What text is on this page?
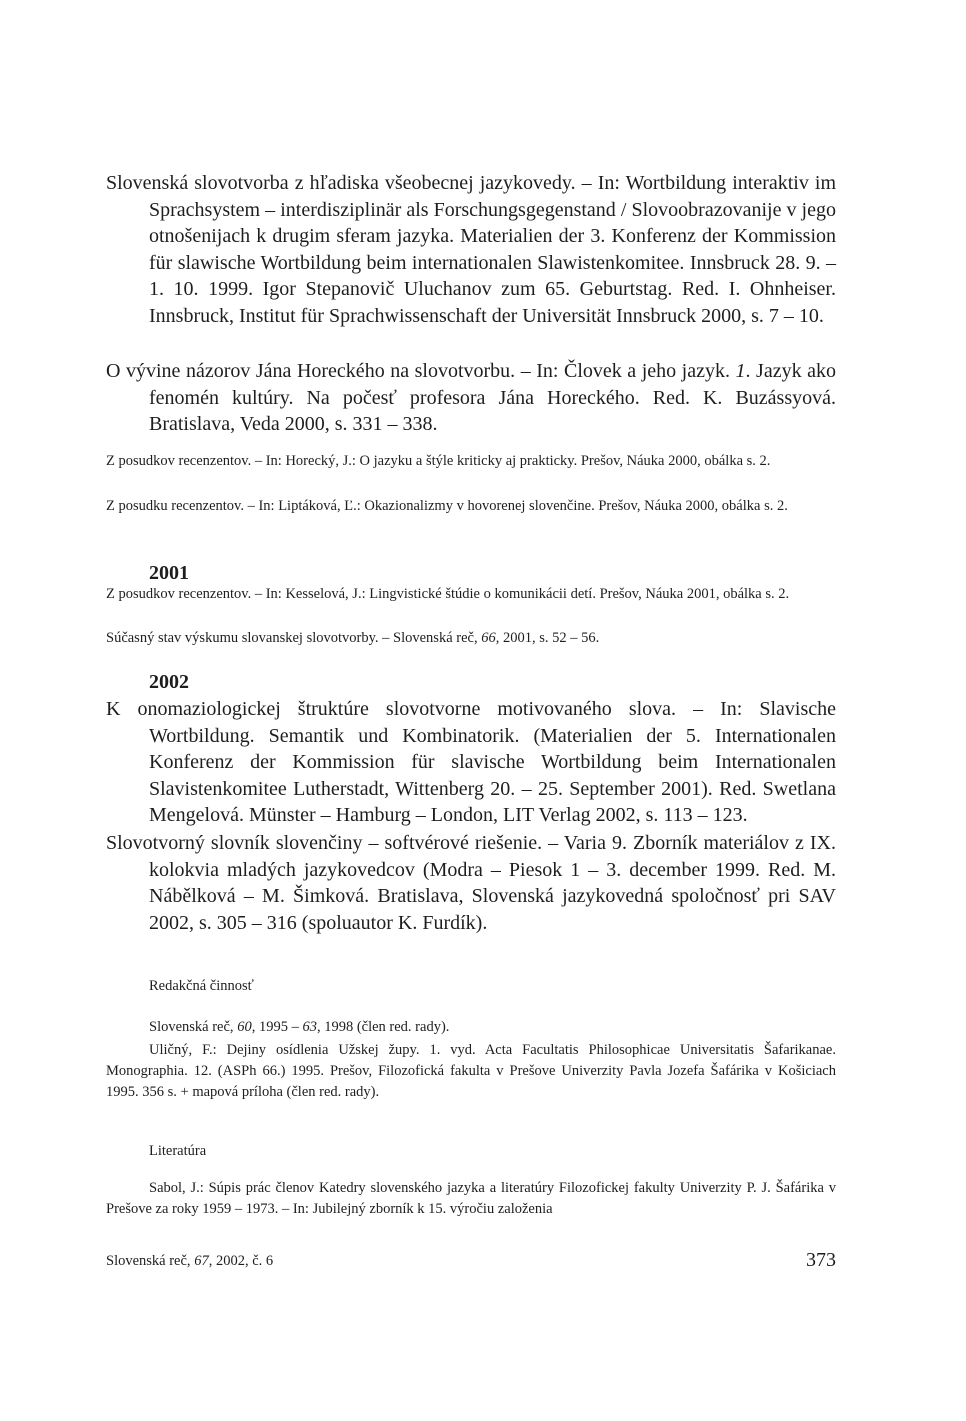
Slovenská slovotvorba z hľadiska všeobecnej jazykovedy. – In: Wortbildung interaktiv im Sprachsystem – interdisziplinär als Forschungsgegenstand / Slovoobrazovanije v jego otnošenijach k drugim sferam jazyka. Materialien der 3. Konferenz der Kommission für slawische Wortbildung beim internationalen Slawistenkomitee. Innsbruck 28. 9. – 1. 10. 1999. Igor Stepanovič Uluchanov zum 65. Geburtstag. Red. I. Ohnheiser. Innsbruck, Institut für Sprachwissenschaft der Universität Innsbruck 2000, s. 7 – 10.

O vývine názorov Jána Horeckého na slovotvorbu. – In: Človek a jeho jazyk. 1. Jazyk ako fenomén kultúry. Na počesť profesora Jána Horeckého. Red. K. Buzássyová. Bratislava, Veda 2000, s. 331 – 338.

Z posudkov recenzentov. – In: Horecký, J.: O jazyku a štýle kriticky aj prakticky. Prešov, Náuka 2000, obálka s. 2.

Z posudku recenzentov. – In: Liptáková, Ľ.: Okazionalizmy v hovorenej slovenčine. Prešov, Náuka 2000, obálka s. 2.

2001

Z posudkov recenzentov. – In: Kesselová, J.: Lingvistické štúdie o komunikácii detí. Prešov, Náuka 2001, obálka s. 2.

Súčasný stav výskumu slovanskej slovotvorby. – Slovenská reč, 66, 2001, s. 52 – 56.

2002

K onomaziologickej štruktúre slovotvorne motivovaného slova. – In: Slavische Wortbildung. Semantik und Kombinatorik. (Materialien der 5. Internationalen Konferenz der Kommission für slavische Wortbildung beim Internationalen Slavistenkomitee Lutherstadt, Wittenberg 20. – 25. September 2001). Red. Swetlana Mengelová. Münster – Hamburg – London, LIT Verlag 2002, s. 113 – 123.

Slovotvorný slovník slovenčiny – softvérové riešenie. – Varia 9. Zborník materiálov z IX. kolokvia mladých jazykovedcov (Modra – Piesok 1 – 3. december 1999. Red. M. Nábělková – M. Šimková. Bratislava, Slovenská jazykovedná spoločnosť pri SAV 2002, s. 305 – 316 (spoluautor K. Furdík).

Redakčná činnosť

Slovenská reč, 60, 1995 – 63, 1998 (člen red. rady).

Uličný, F.: Dejiny osídlenia Užskej župy. 1. vyd. Acta Facultatis Philosophicae Universitatis Šafarikanae. Monographia. 12. (ASPh 66.) 1995. Prešov, Filozofická fakulta v Prešove Univerzity Pavla Jozefa Šafárika v Košiciach 1995. 356 s. + mapová príloha (člen red. rady).

Literatúra

Sabol, J.: Súpis prác členov Katedry slovenského jazyka a literatúry Filozofickej fakulty Univerzity P. J. Šafárika v Prešove za roky 1959 – 1973. – In: Jubilejný zborník k 15. výročiu založenia

Slovenská reč, 67, 2002, č. 6	373
